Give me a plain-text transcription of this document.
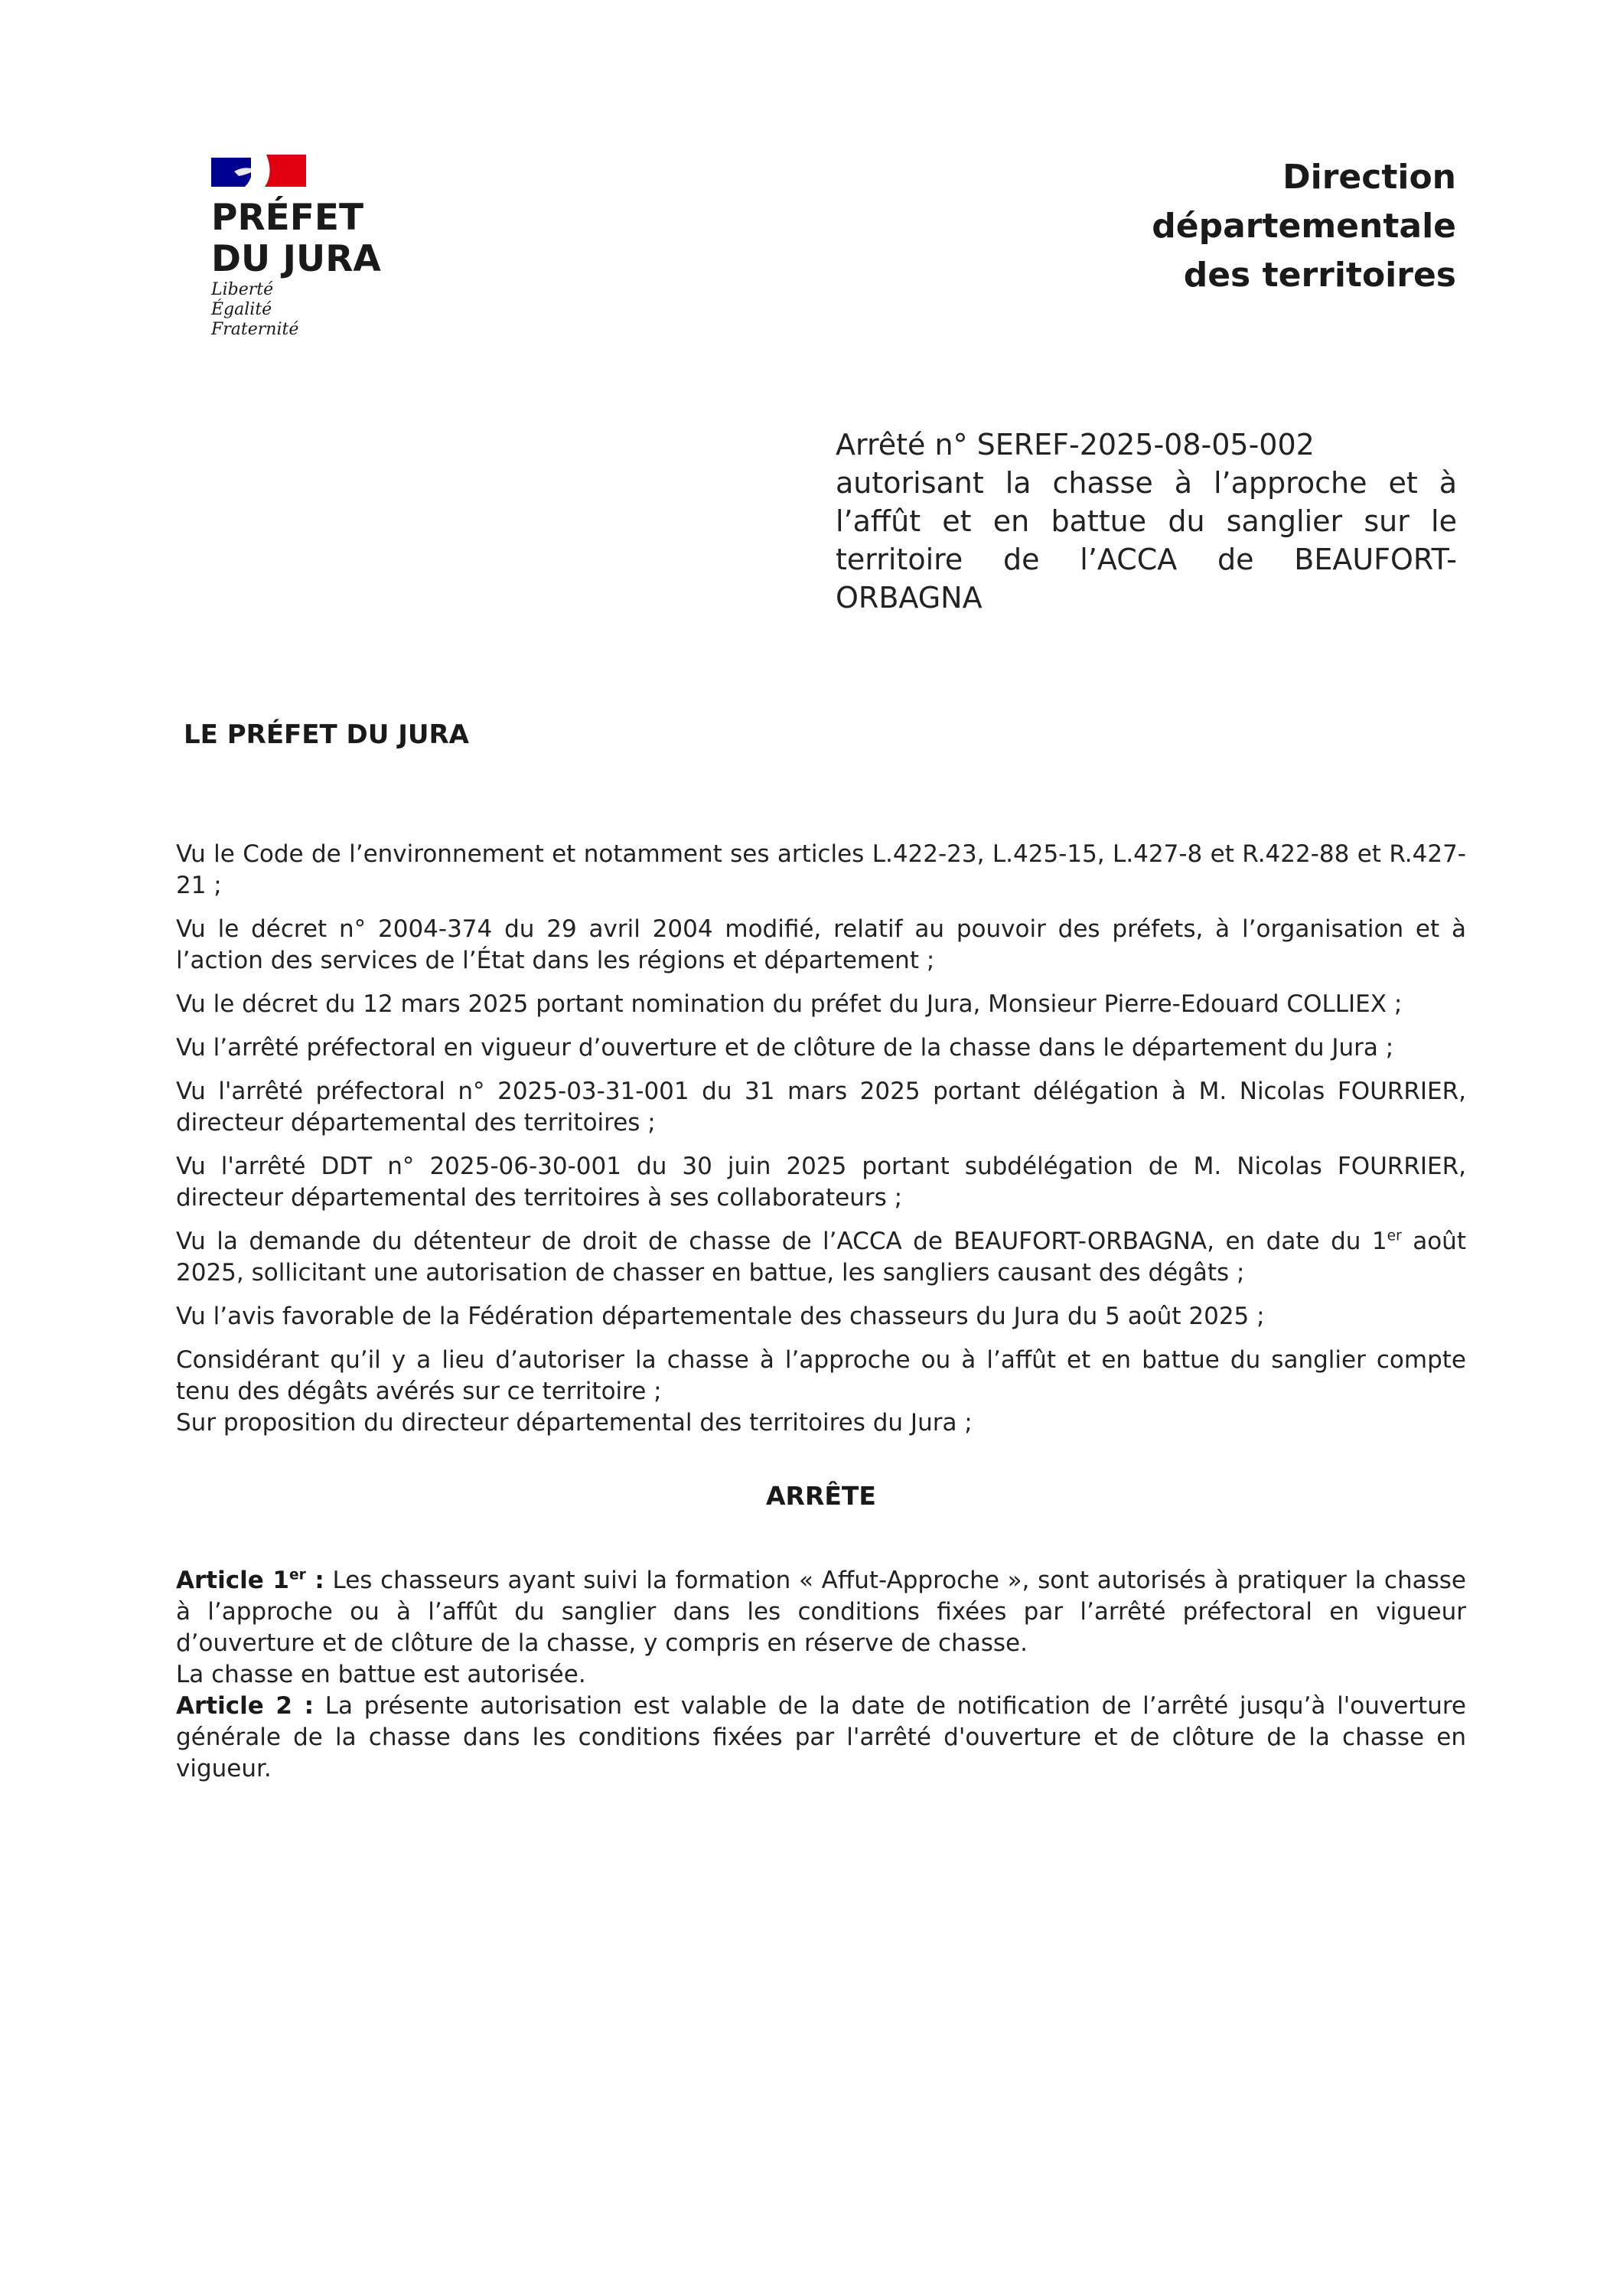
PRÉFET
DU JURA
Liberté
Égalité
Fraternité
Direction
départementale
des territoires
Arrêté n° SEREF-2025-08-05-002
autorisant la chasse à l’approche et à l’affût et en battue du sanglier sur le territoire de l’ACCA de BEAUFORT-ORBAGNA
LE PRÉFET DU JURA

Vu le Code de l’environnement et notamment ses articles L.422-23, L.425-15, L.427-8 et R.422-88 et R.427-21 ;

Vu le décret n° 2004-374 du 29 avril 2004 modifié, relatif au pouvoir des préfets, à l’organisation et à l’action des services de l’État dans les régions et département ;

Vu le décret du 12 mars 2025 portant nomination du préfet du Jura, Monsieur Pierre-Edouard COLLIEX ;

Vu l’arrêté préfectoral en vigueur d’ouverture et de clôture de la chasse dans le département du Jura ;

Vu l'arrêté préfectoral n° 2025-03-31-001 du 31 mars 2025 portant délégation à M. Nicolas FOURRIER, directeur départemental des territoires ;

Vu l'arrêté DDT n° 2025-06-30-001 du 30 juin 2025 portant subdélégation de M. Nicolas FOURRIER, directeur départemental des territoires à ses collaborateurs ;

Vu la demande du détenteur de droit de chasse de l’ACCA de BEAUFORT-ORBAGNA, en date du 1er août 2025, sollicitant une autorisation de chasser en battue, les sangliers causant des dégâts ;

Vu l’avis favorable de la Fédération départementale des chasseurs du Jura du 5 août 2025 ;

Considérant qu’il y a lieu d’autoriser la chasse à l’approche ou à l’affût et en battue du sanglier compte tenu des dégâts avérés sur ce territoire ;

Sur proposition du directeur départemental des territoires du Jura ;

ARRÊTE

Article 1er : Les chasseurs ayant suivi la formation « Affut-Approche », sont autorisés à pratiquer la chasse à l’approche ou à l’affût du sanglier dans les conditions fixées par l’arrêté préfectoral en vigueur d’ouverture et de clôture de la chasse, y compris en réserve de chasse.

La chasse en battue est autorisée.

Article 2 : La présente autorisation est valable de la date de notification de l’arrêté jusqu’à l'ouverture générale de la chasse dans les conditions fixées par l'arrêté d'ouverture et de clôture de la chasse en vigueur.
